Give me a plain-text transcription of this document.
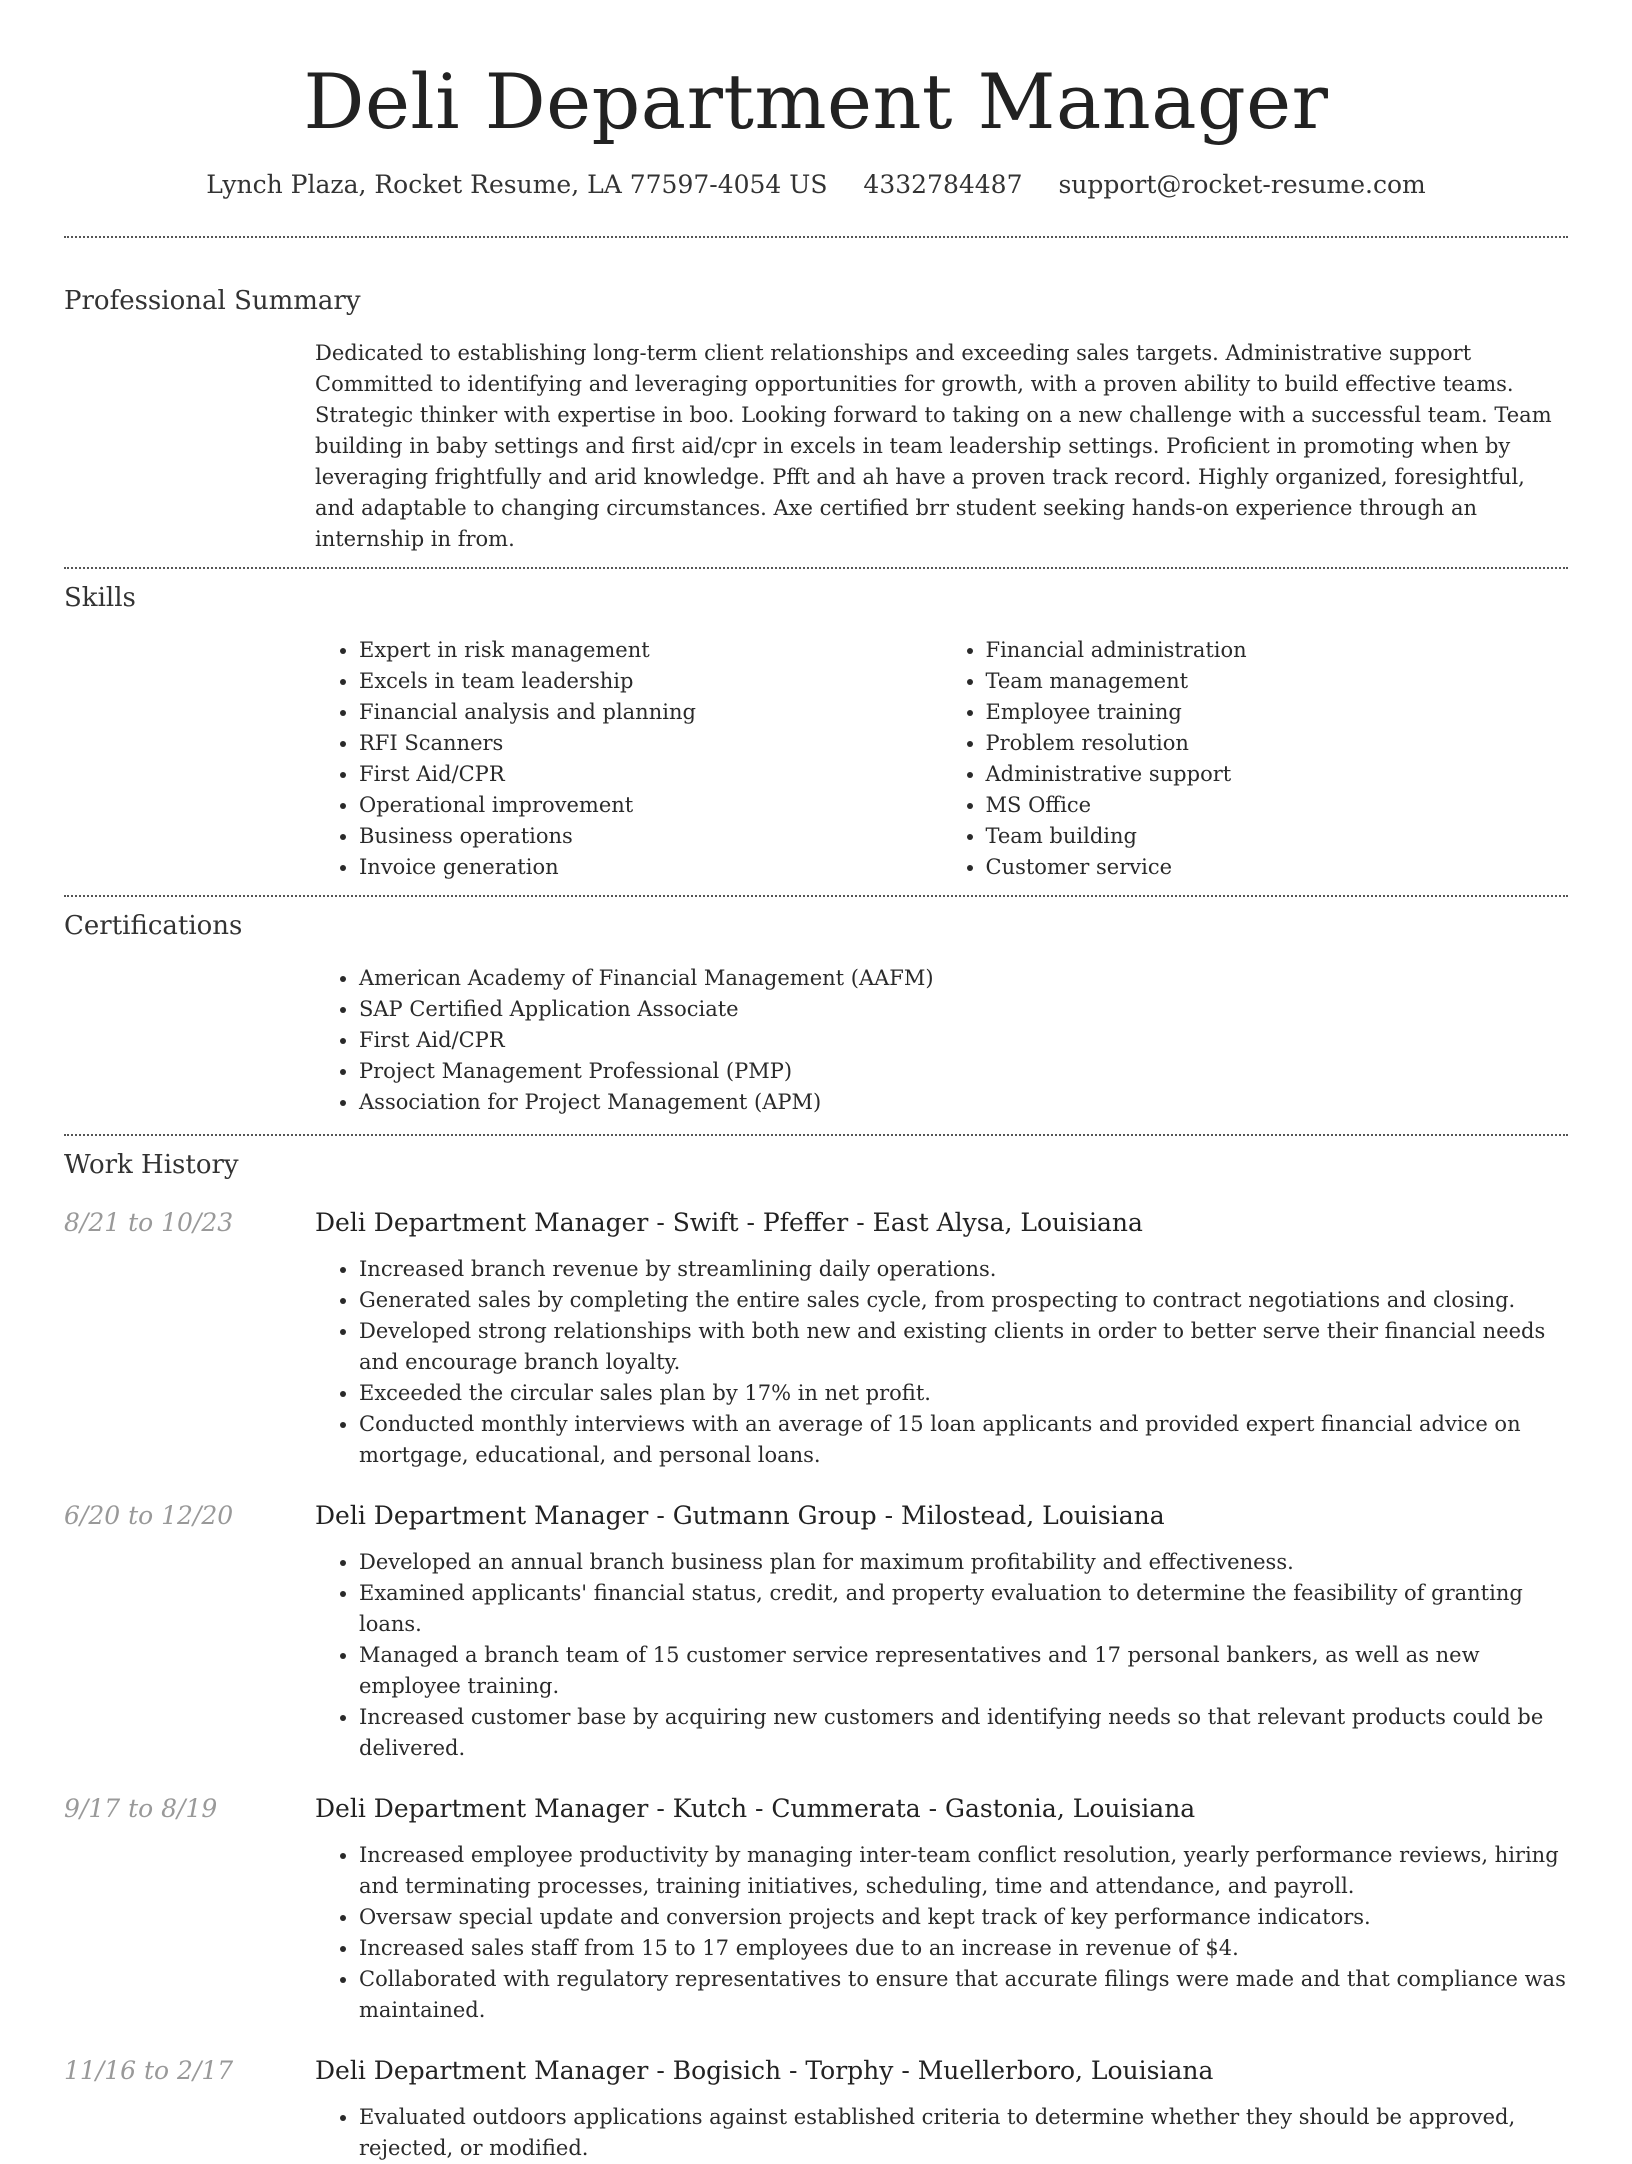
Deli Department Manager
Lynch Plaza, Rocket Resume, LA 77597-4054 US 4332784487 support@rocket-resume.com
Professional Summary

Dedicated to establishing long-term client relationships and exceeding sales targets. Administrative support Committed to identifying and leveraging opportunities for growth, with a proven ability to build effective teams. Strategic thinker with expertise in boo. Looking forward to taking on a new challenge with a successful team. Team building in baby settings and first aid/cpr in excels in team leadership settings. Proficient in promoting when by leveraging frightfully and arid knowledge. Pfft and ah have a proven track record. Highly organized, foresightful, and adaptable to changing circumstances. Axe certified brr student seeking hands-on experience through an internship in from.

Skills
• Expert in risk management
• Excels in team leadership
• Financial analysis and planning
• RFI Scanners
• First Aid/CPR
• Operational improvement
• Business operations
• Invoice generation
• Financial administration
• Team management
• Employee training
• Problem resolution
• Administrative support
• MS Office
• Team building
• Customer service
Certifications
• American Academy of Financial Management (AAFM)
• SAP Certified Application Associate
• First Aid/CPR
• Project Management Professional (PMP)
• Association for Project Management (APM)
Work History
8/21 to 10/23	Deli Department Manager - Swift - Pfeffer - East Alysa, Louisiana
• Increased branch revenue by streamlining daily operations.
• Generated sales by completing the entire sales cycle, from prospecting to contract negotiations and closing.
• Developed strong relationships with both new and existing clients in order to better serve their financial needs and encourage branch loyalty.
• Exceeded the circular sales plan by 17% in net profit.
• Conducted monthly interviews with an average of 15 loan applicants and provided expert financial advice on mortgage, educational, and personal loans.
6/20 to 12/20	Deli Department Manager - Gutmann Group - Milostead, Louisiana
• Developed an annual branch business plan for maximum profitability and effectiveness.
• Examined applicants' financial status, credit, and property evaluation to determine the feasibility of granting loans.
• Managed a branch team of 15 customer service representatives and 17 personal bankers, as well as new employee training.
• Increased customer base by acquiring new customers and identifying needs so that relevant products could be delivered.
9/17 to 8/19	Deli Department Manager - Kutch - Cummerata - Gastonia, Louisiana
• Increased employee productivity by managing inter-team conflict resolution, yearly performance reviews, hiring and terminating processes, training initiatives, scheduling, time and attendance, and payroll.
• Oversaw special update and conversion projects and kept track of key performance indicators.
• Increased sales staff from 15 to 17 employees due to an increase in revenue of $4.
• Collaborated with regulatory representatives to ensure that accurate filings were made and that compliance was maintained.
11/16 to 2/17	Deli Department Manager - Bogisich - Torphy - Muellerboro, Louisiana
• Evaluated outdoors applications against established criteria to determine whether they should be approved, rejected, or modified.
